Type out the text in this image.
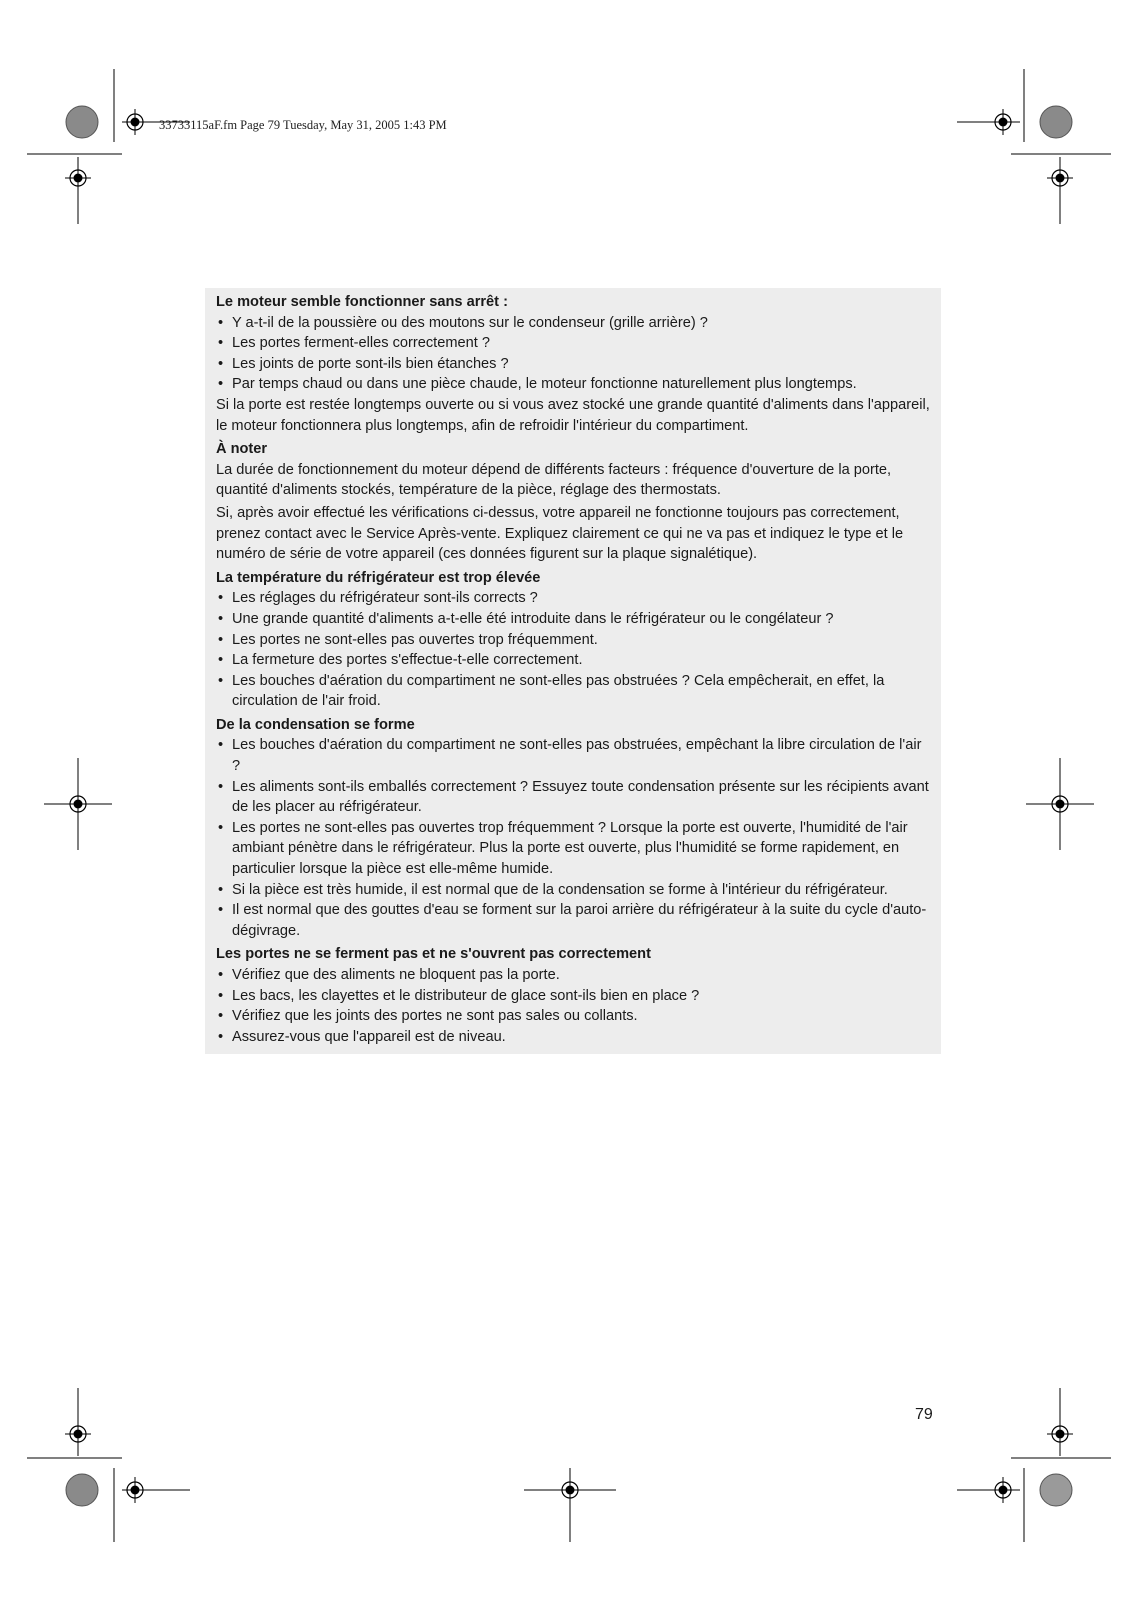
33733115aF.fm Page 79 Tuesday, May 31, 2005 1:43 PM
Le moteur semble fonctionner sans arrêt :
• Y a-t-il de la poussière ou des moutons sur le condenseur (grille arrière) ?
• Les portes ferment-elles correctement ?
• Les joints de porte sont-ils bien étanches ?
• Par temps chaud ou dans une pièce chaude, le moteur fonctionne naturellement plus longtemps.

Si la porte est restée longtemps ouverte ou si vous avez stocké une grande quantité d'aliments dans l'appareil, le moteur fonctionnera plus longtemps, afin de refroidir l'intérieur du compartiment.

À noter

La durée de fonctionnement du moteur dépend de différents facteurs : fréquence d'ouverture de la porte, quantité d'aliments stockés, température de la pièce, réglage des thermostats.

Si, après avoir effectué les vérifications ci-dessus, votre appareil ne fonctionne toujours pas correctement, prenez contact avec le Service Après-vente. Expliquez clairement ce qui ne va pas et indiquez le type et le numéro de série de votre appareil (ces données figurent sur la plaque signalétique).

La température du réfrigérateur est trop élevée
• Les réglages du réfrigérateur sont-ils corrects ?
• Une grande quantité d'aliments a-t-elle été introduite dans le réfrigérateur ou le congélateur ?
• Les portes ne sont-elles pas ouvertes trop fréquemment.
• La fermeture des portes s'effectue-t-elle correctement.
• Les bouches d'aération du compartiment ne sont-elles pas obstruées ? Cela empêcherait, en effet, la circulation de l'air froid.
De la condensation se forme
• Les bouches d'aération du compartiment ne sont-elles pas obstruées, empêchant la libre circulation de l'air ?
• Les aliments sont-ils emballés correctement ? Essuyez toute condensation présente sur les récipients avant de les placer au réfrigérateur.
• Les portes ne sont-elles pas ouvertes trop fréquemment ? Lorsque la porte est ouverte, l'humidité de l'air ambiant pénètre dans le réfrigérateur. Plus la porte est ouverte, plus l'humidité se forme rapidement, en particulier lorsque la pièce est elle-même humide.
• Si la pièce est très humide, il est normal que de la condensation se forme à l'intérieur du réfrigérateur.
• Il est normal que des gouttes d'eau se forment sur la paroi arrière du réfrigérateur à la suite du cycle d'auto-dégivrage.
Les portes ne se ferment pas et ne s'ouvrent pas correctement
• Vérifiez que des aliments ne bloquent pas la porte.
• Les bacs, les clayettes et le distributeur de glace sont-ils bien en place ?
• Vérifiez que les joints des portes ne sont pas sales ou collants.
• Assurez-vous que l'appareil est de niveau.
79
